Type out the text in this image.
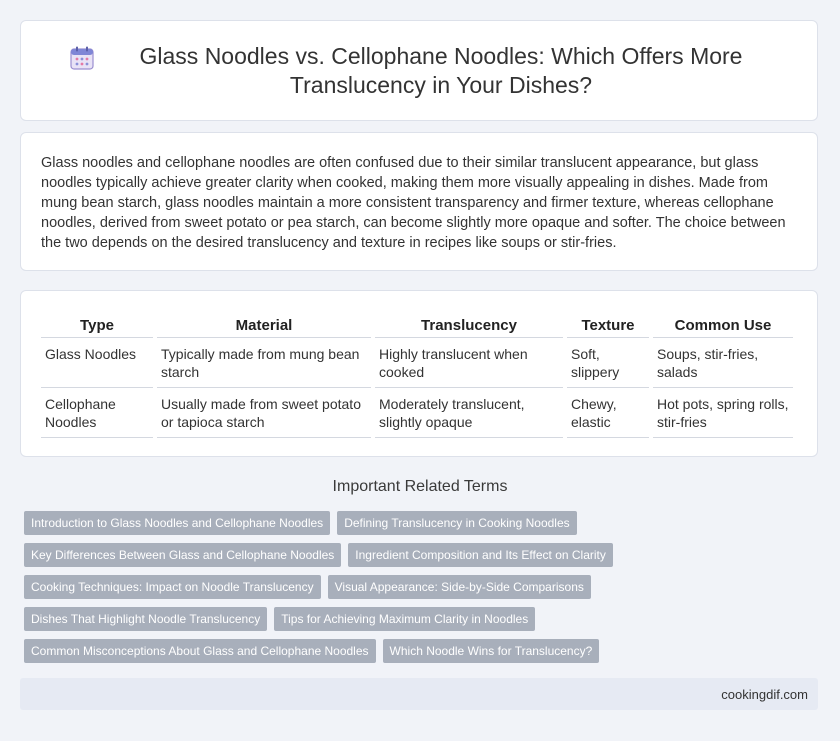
Glass Noodles vs. Cellophane Noodles: Which Offers More Translucency in Your Dishes?

Glass noodles and cellophane noodles are often confused due to their similar translucent appearance, but glass noodles typically achieve greater clarity when cooked, making them more visually appealing in dishes. Made from mung bean starch, glass noodles maintain a more consistent transparency and firmer texture, whereas cellophane noodles, derived from sweet potato or pea starch, can become slightly more opaque and softer. The choice between the two depends on the desired translucency and texture in recipes like soups or stir-fries.

Type	Material	Translucency	Texture	Common Use
Glass Noodles	Typically made from mung bean starch	Highly translucent when cooked	Soft, slippery	Soups, stir-fries, salads
Cellophane Noodles	Usually made from sweet potato or tapioca starch	Moderately translucent, slightly opaque	Chewy, elastic	Hot pots, spring rolls, stir-fries
Important Related Terms
Introduction to Glass Noodles and Cellophane Noodles	Defining Translucency in Cooking Noodles
Key Differences Between Glass and Cellophane Noodles	Ingredient Composition and Its Effect on Clarity
Cooking Techniques: Impact on Noodle Translucency	Visual Appearance: Side-by-Side Comparisons
Dishes That Highlight Noodle Translucency	Tips for Achieving Maximum Clarity in Noodles
Common Misconceptions About Glass and Cellophane Noodles	Which Noodle Wins for Translucency?
cookingdif.com
